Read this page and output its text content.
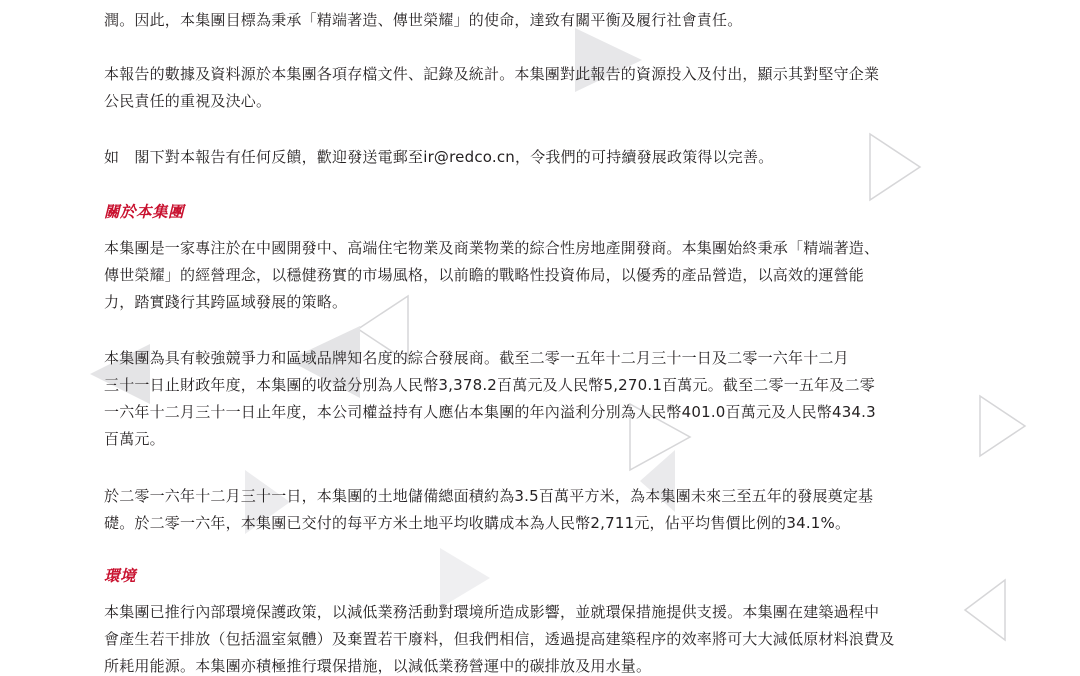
潤。因此，本集團目標為秉承「精端著造、傳世榮耀」的使命，達致有關平衡及履行社會責任。
本報告的數據及資料源於本集團各項存檔文件、記錄及統計。本集團對此報告的資源投入及付出，顯示其對堅守企業
公民責任的重視及決心。
如　閣下對本報告有任何反饋，歡迎發送電郵至ir@redco.cn，令我們的可持續發展政策得以完善。
關於本集團
本集團是一家專注於在中國開發中、高端住宅物業及商業物業的綜合性房地產開發商。本集團始終秉承「精端著造、
傳世榮耀」的經營理念，以穩健務實的市場風格，以前瞻的戰略性投資佈局，以優秀的產品營造，以高效的運營能
力，踏實踐行其跨區域發展的策略。
本集團為具有較強競爭力和區域品牌知名度的綜合發展商。截至二零一五年十二月三十一日及二零一六年十二月
三十一日止財政年度，本集團的收益分別為人民幣3,378.2百萬元及人民幣5,270.1百萬元。截至二零一五年及二零
一六年十二月三十一日止年度，本公司權益持有人應佔本集團的年內溢利分別為人民幣401.0百萬元及人民幣434.3
百萬元。
於二零一六年十二月三十一日，本集團的土地儲備總面積約為3.5百萬平方米，為本集團未來三至五年的發展奠定基
礎。於二零一六年，本集團已交付的每平方米土地平均收購成本為人民幣2,711元，佔平均售價比例的34.1%。
環境
本集團已推行內部環境保護政策，以減低業務活動對環境所造成影響，並就環保措施提供支援。本集團在建築過程中
會產生若干排放（包括溫室氣體）及棄置若干廢料，但我們相信，透過提高建築程序的效率將可大大減低原材料浪費及
所耗用能源。本集團亦積極推行環保措施，以減低業務營運中的碳排放及用水量。
